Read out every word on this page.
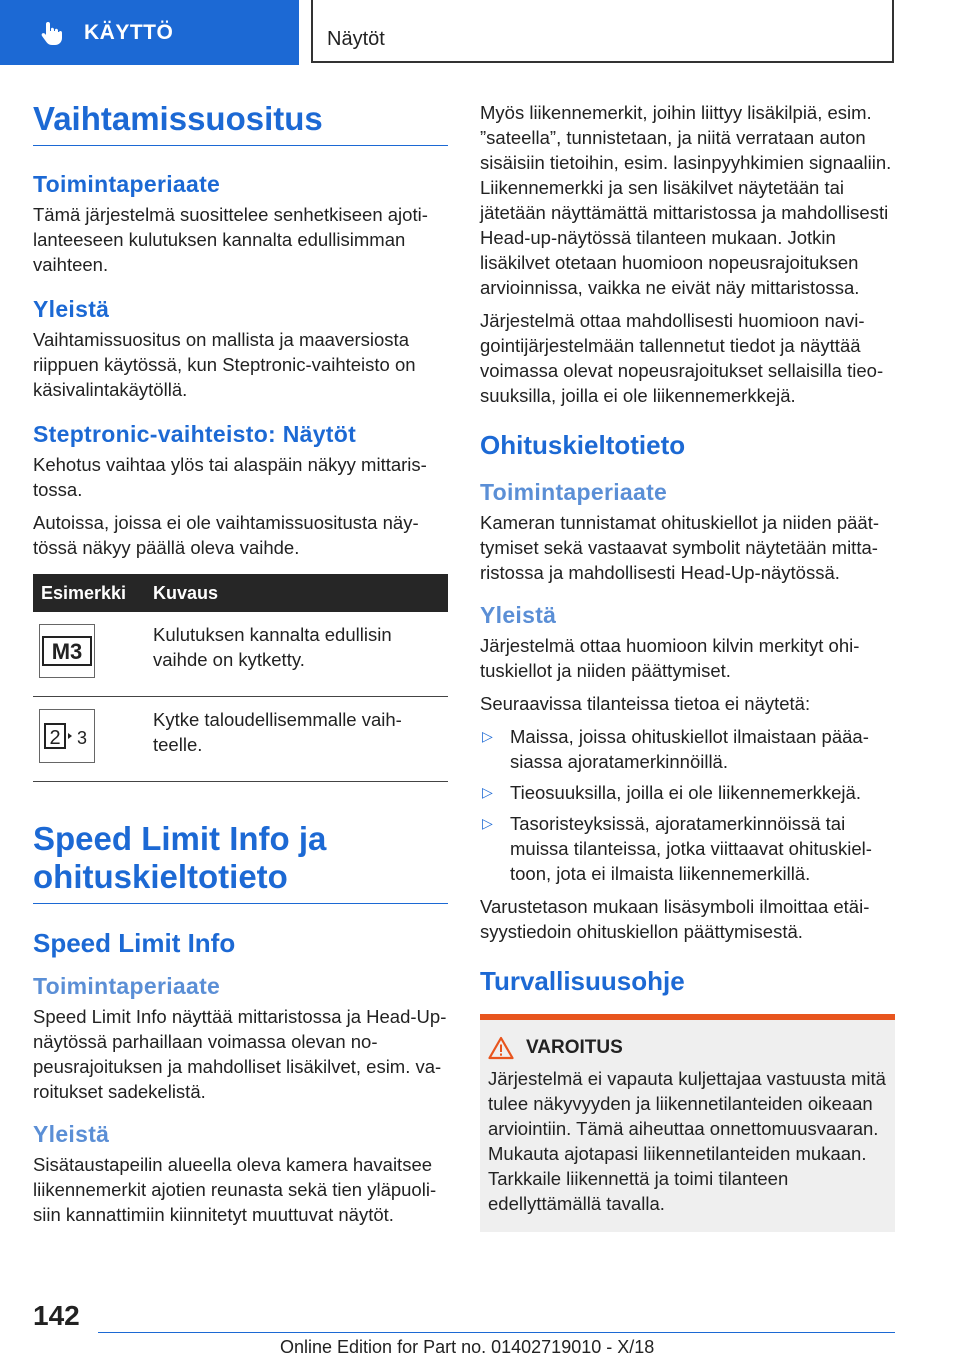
KÄYTTÖ	Näytöt
Vaihtamissuositus
Toimintaperiaate

Tämä järjestelmä suosittelee senhetkiseen ajotilanteeseen kulutuksen kannalta edullisimman vaihteen.

Yleistä

Vaihtamissuositus on mallista ja maaversiosta riippuen käytössä, kun Steptronic-vaihteisto on käsivalintakäytöllä.

Steptronic-vaihteisto: Näytöt

Kehotus vaihtaa ylös tai alaspäin näkyy mittaristossa.

Autoissa, joissa ei ole vaihtamissuositusta näytössä näkyy päällä oleva vaihde.

Esimerkki	Kuvaus

M3	Kulutuksen kannalta edullisin vaihde on kytketty.

2 3	Kytke taloudellisemmalle vaihteelle.
Speed Limit Info ja ohituskieltotieto
Speed Limit Info
Toimintaperiaate

Speed Limit Info näyttää mittaristossa ja Head-Up-näytössä parhaillaan voimassa olevan nopeusrajoituksen ja mahdolliset lisäkilvet, esim. varoitukset sadekelistä.

Yleistä

Sisätaustapeilin alueella oleva kamera havaitsee liikennemerkit ajotien reunasta sekä tien yläpuolisiin kannattimiin kiinnitetyt muuttuvat näytöt.

Myös liikennemerkit, joihin liittyy lisäkilpiä, esim. ”sateella”, tunnistetaan, ja niitä verrataan auton sisäisiin tietoihin, esim. lasinpyyhkimien signaaliin. Liikennemerkki ja sen lisäkilvet näytetään tai jätetään näyttämättä mittaristossa ja mahdollisesti Head-up-näytössä tilanteen mukaan. Jotkin lisäkilvet otetaan huomioon nopeusrajoituksen arvioinnissa, vaikka ne eivät näy mittaristossa.

Järjestelmä ottaa mahdollisesti huomioon navigointijärjestelmään tallennetut tiedot ja näyttää voimassa olevat nopeusrajoitukset sellaisilla tieosuuksilla, joilla ei ole liikennemerkkejä.

Ohituskieltotieto
Toimintaperiaate

Kameran tunnistamat ohituskiellot ja niiden päättymiset sekä vastaavat symbolit näytetään mittaristossa ja mahdollisesti Head-Up-näytössä.

Yleistä

Järjestelmä ottaa huomioon kilvin merkityt ohituskiellot ja niiden päättymiset.

Seuraavissa tilanteissa tietoa ei näytetä:

▷ Maissa, joissa ohituskiellot ilmaistaan pääasiassa ajoratamerkinnöillä.
▷ Tieosuuksilla, joilla ei ole liikennemerkkejä.
▷ Tasoristeyksissä, ajoratamerkinnöissä tai muissa tilanteissa, jotka viittaavat ohituskieltoon, jota ei ilmaista liikennemerkillä.

Varustetason mukaan lisäsymboli ilmoittaa etäisyystiedoin ohituskiellon päättymisestä.

Turvallisuusohje
VAROITUS

Järjestelmä ei vapauta kuljettajaa vastuusta mitä tulee näkyvyyden ja liikennetilanteiden oikeaan arviointiin. Tämä aiheuttaa onnettomuusvaaran. Mukauta ajotapasi liikennetilanteiden mukaan. Tarkkaile liikennettä ja toimi tilanteen edellyttämällä tavalla.

142
Online Edition for Part no. 01402719010 - X/18
